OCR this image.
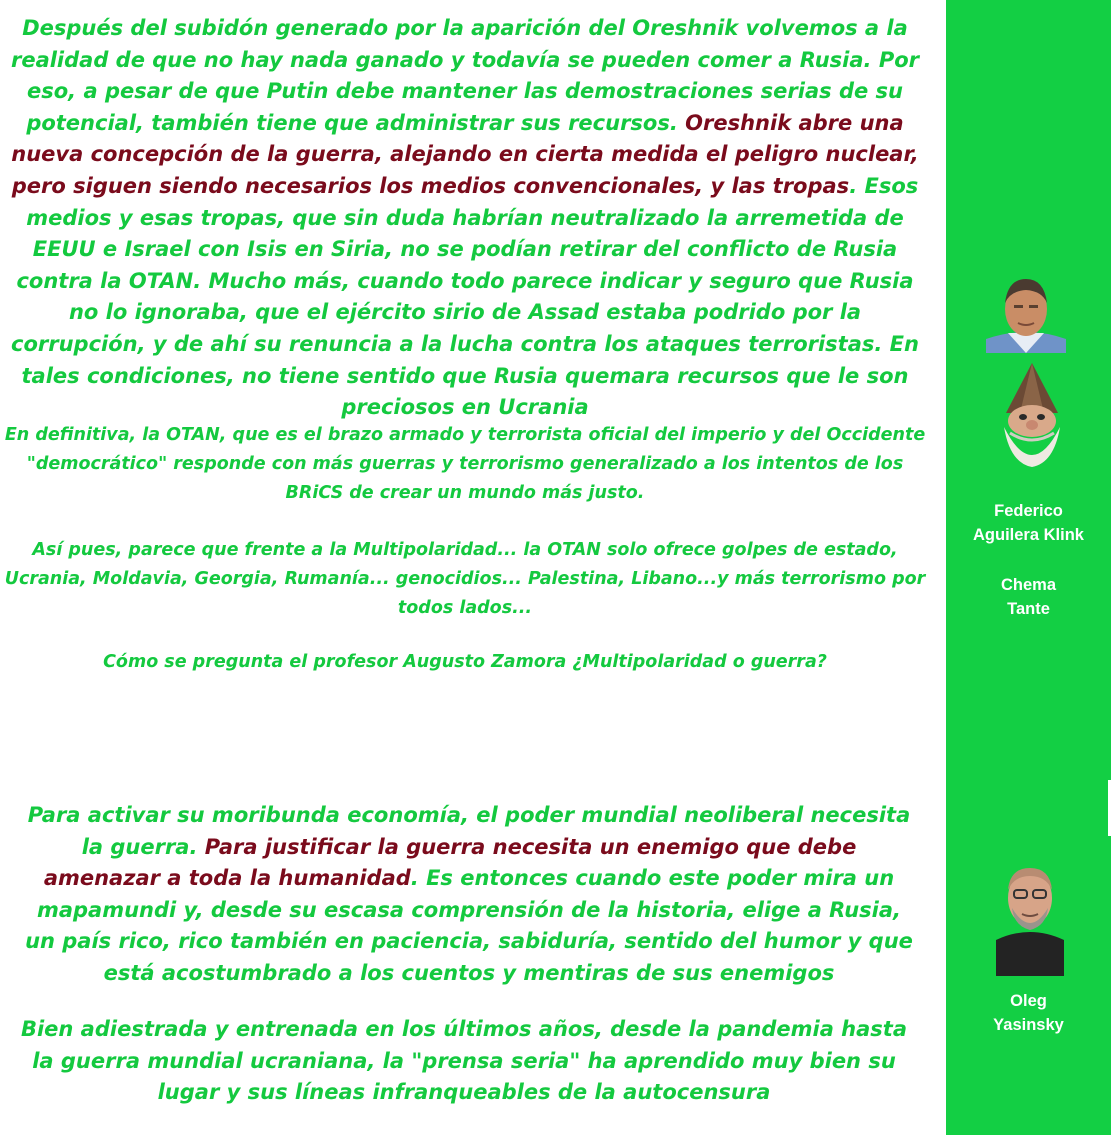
Después del subidón generado por la aparición del Oreshnik volvemos a la realidad de que no hay nada ganado y todavía se pueden comer a Rusia. Por eso, a pesar de que Putin debe mantener las demostraciones serias de su potencial, también tiene que administrar sus recursos. Oreshnik abre una nueva concepción de la guerra, alejando en cierta medida el peligro nuclear, pero siguen siendo necesarios los medios convencionales, y las tropas. Esos medios y esas tropas, que sin duda habrían neutralizado la arremetida de EEUU e Israel con Isis en Siria, no se podían retirar del conflicto de Rusia contra la OTAN. Mucho más, cuando todo parece indicar y seguro que Rusia no lo ignoraba, que el ejército sirio de Assad estaba podrido por la corrupción, y de ahí su renuncia a la lucha contra los ataques terroristas. En tales condiciones, no tiene sentido que Rusia quemara recursos que le son preciosos en Ucrania

En definitiva, la OTAN, que es el brazo armado y terrorista oficial del imperio y del Occidente "democrático" responde con más guerras y terrorismo generalizado a los intentos de los BRiCS de crear un mundo más justo.

Así pues, parece que frente a la Multipolaridad... la OTAN solo ofrece golpes de estado, Ucrania, Moldavia, Georgia, Rumanía... genocidios... Palestina, Libano...y más terrorismo por todos lados...

Cómo se pregunta el profesor Augusto Zamora ¿Multipolaridad o guerra?

Para activar su moribunda economía, el poder mundial neoliberal necesita la guerra. Para justificar la guerra necesita un enemigo que debe amenazar a toda la humanidad. Es entonces cuando este poder mira un mapamundi y, desde su escasa comprensión de la historia, elige a Rusia, un país rico, rico también en paciencia, sabiduría, sentido del humor y que está acostumbrado a los cuentos y mentiras de sus enemigos

Bien adiestrada y entrenada en los últimos años, desde la pandemia hasta la guerra mundial ucraniana, la "prensa seria" ha aprendido muy bien su lugar y sus líneas infranqueables de la autocensura

Federico
Aguilera Klink

Chema
Tante

Oleg
Yasinsky
